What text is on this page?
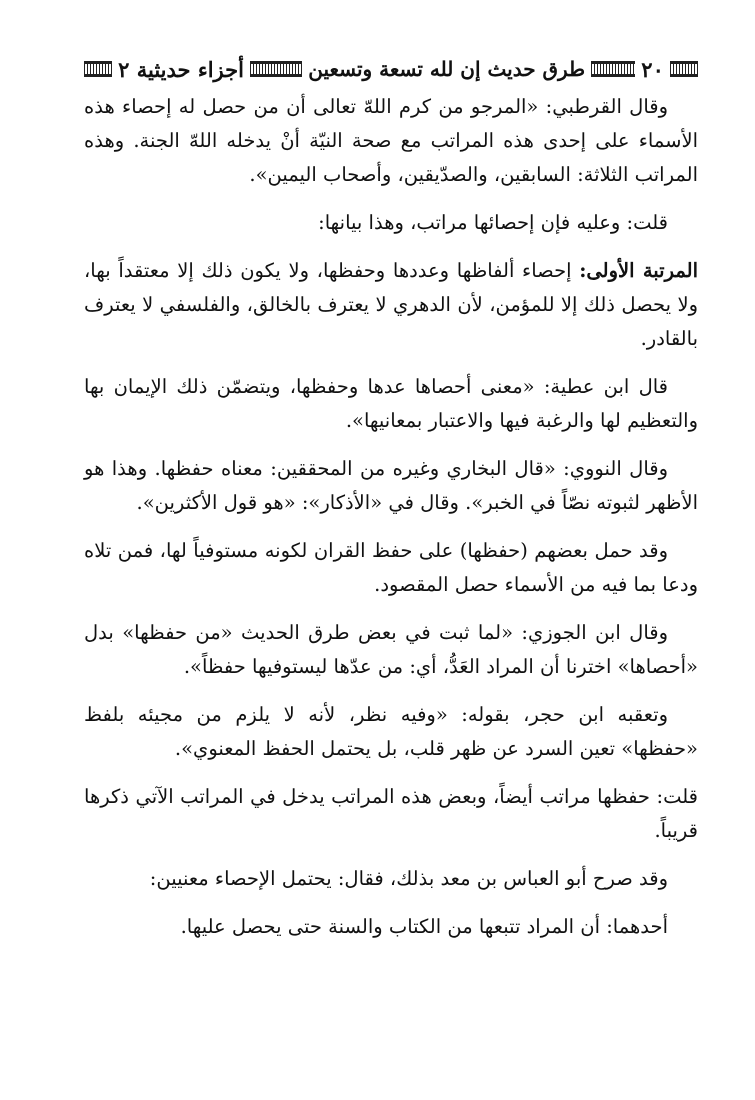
٢٠
طرق حديث إن لله تسعة وتسعين
أجزاء حديثية ٢

وقال القرطبي: «المرجو من كرم اللهّ تعالى أن من حصل له إحصاء هذه الأسماء على إحدى هذه المراتب مع صحة النيّة أنْ يدخله اللهّ الجنة. وهذه المراتب الثلاثة: السابقين، والصدّيقين، وأصحاب اليمين».

قلت: وعليه فإن إحصائها مراتب، وهذا بيانها:

المرتبة الأولى: إحصاء ألفاظها وعددها وحفظها، ولا يكون ذلك إلا معتقداً بها، ولا يحصل ذلك إلا للمؤمن، لأن الدهري لا يعترف بالخالق، والفلسفي لا يعترف بالقادر.

قال ابن عطية: «معنى أحصاها عدها وحفظها، ويتضمّن ذلك الإيمان بها والتعظيم لها والرغبة فيها والاعتبار بمعانيها».

وقال النووي: «قال البخاري وغيره من المحققين: معناه حفظها. وهذا هو الأظهر لثبوته نصّاً في الخبر». وقال في «الأذكار»: «هو قول الأكثرين».

وقد حمل بعضهم (حفظها) على حفظ القران لكونه مستوفياً لها، فمن تلاه ودعا بما فيه من الأسماء حصل المقصود.

وقال ابن الجوزي: «لما ثبت في بعض طرق الحديث «من حفظها» بدل «أحصاها» اخترنا أن المراد العَدُّ، أي: من عدّها ليستوفيها حفظاً».

وتعقبه ابن حجر، بقوله: «وفيه نظر، لأنه لا يلزم من مجيئه بلفظ «حفظها» تعين السرد عن ظهر قلب، بل يحتمل الحفظ المعنوي».

قلت: حفظها مراتب أيضاً، وبعض هذه المراتب يدخل في المراتب الآتي ذكرها قريباً.

وقد صرح أبو العباس بن معد بذلك، فقال: يحتمل الإحصاء معنيين:

أحدهما: أن المراد تتبعها من الكتاب والسنة حتى يحصل عليها.
